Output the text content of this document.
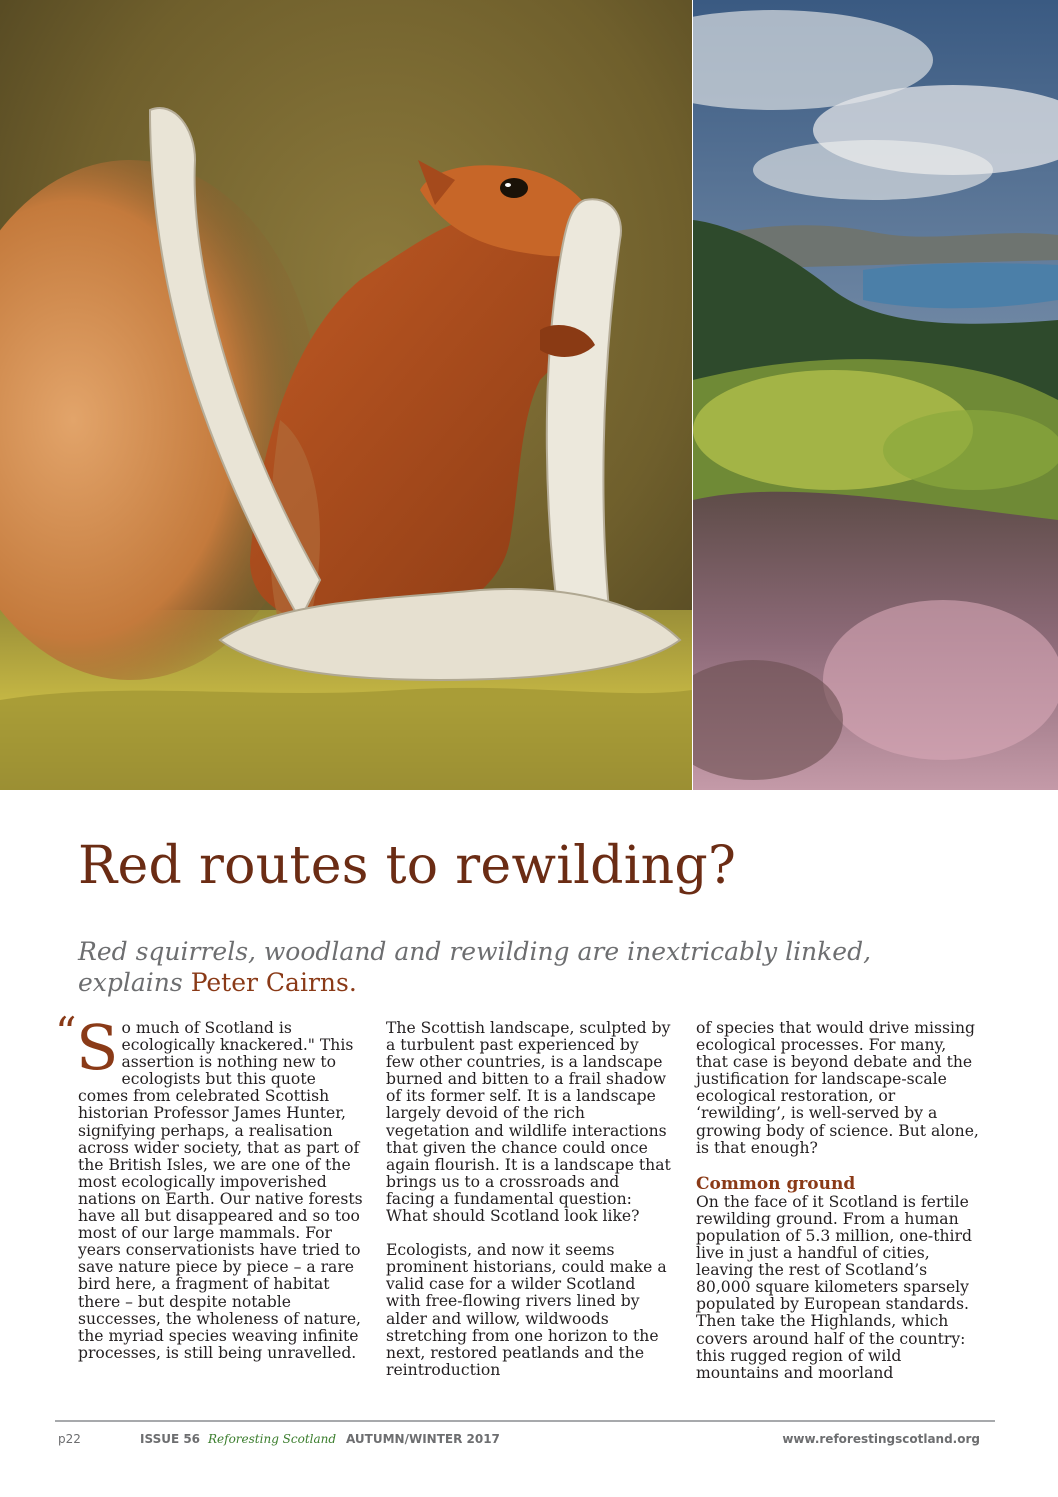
Red routes to rewilding?

Red squirrels, woodland and rewilding are inextricably linked, explains Peter Cairns.

“ So much of Scotland is ecologically knackered." This assertion is nothing new to ecologists but this quote comes from celebrated Scottish historian Professor James Hunter, signifying perhaps, a realisation across wider society, that as part of the British Isles, we are one of the most ecologically impoverished nations on Earth. Our native forests have all but disappeared and so too most of our large mammals. For years conservationists have tried to save nature piece by piece – a rare bird here, a fragment of habitat there – but despite notable successes, the wholeness of nature, the myriad species weaving infinite processes, is still being unravelled.

The Scottish landscape, sculpted by a turbulent past experienced by few other countries, is a landscape burned and bitten to a frail shadow of its former self. It is a landscape largely devoid of the rich vegetation and wildlife interactions that given the chance could once again flourish. It is a landscape that brings us to a crossroads and facing a fundamental question: What should Scotland look like?

Ecologists, and now it seems prominent historians, could make a valid case for a wilder Scotland with free-flowing rivers lined by alder and willow, wildwoods stretching from one horizon to the next, restored peatlands and the reintroduction

of species that would drive missing ecological processes. For many, that case is beyond debate and the justification for landscape-scale ecological restoration, or ‘rewilding’, is well-served by a growing body of science. But alone, is that enough?

Common ground

On the face of it Scotland is fertile rewilding ground. From a human population of 5.3 million, one-third live in just a handful of cities, leaving the rest of Scotland’s 80,000 square kilometers sparsely populated by European standards. Then take the Highlands, which covers around half of the country: this rugged region of wild mountains and moorland

p22	ISSUE 56 Reforesting Scotland AUTUMN/WINTER 2017	www.reforestingscotland.org
